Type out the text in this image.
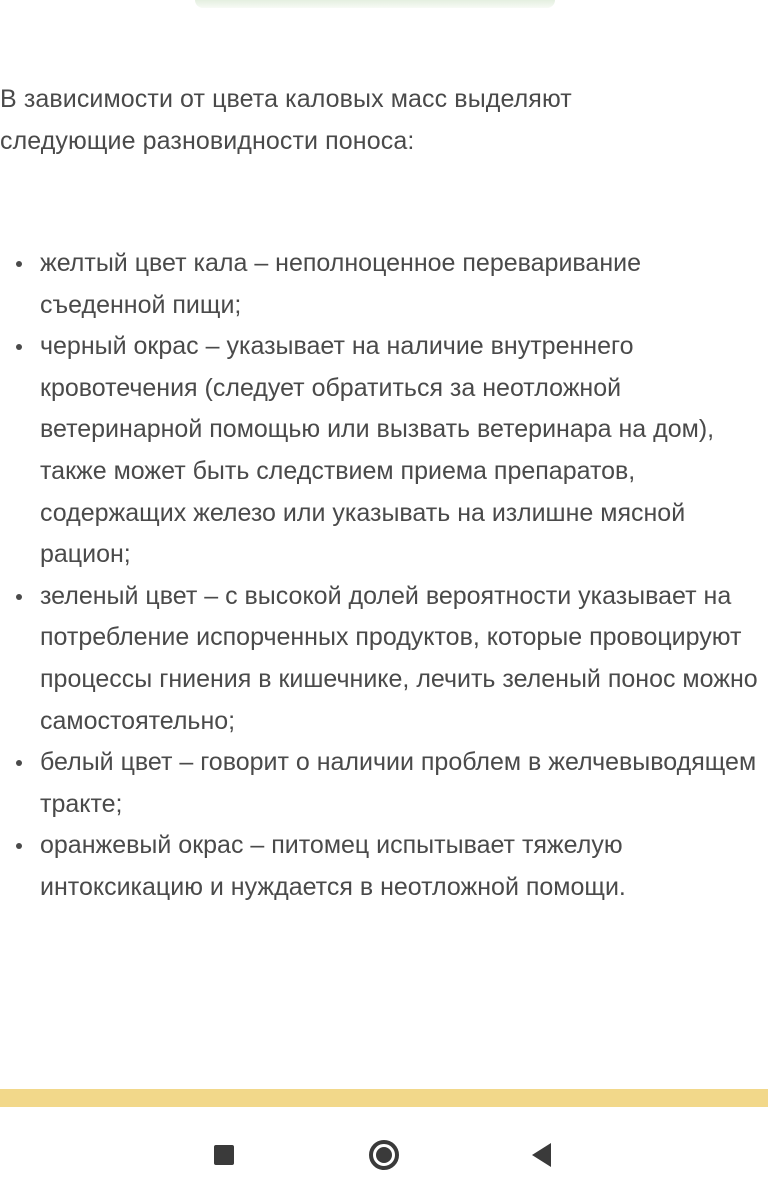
В зависимости от цвета каловых масс выделяют следующие разновидности поноса:

желтый цвет кала – неполноценное переваривание съеденной пищи;
черный окрас – указывает на наличие внутреннего кровотечения (следует обратиться за неотложной ветеринарной помощью или вызвать ветеринара на дом), также может быть следствием приема препаратов, содержащих железо или указывать на излишне мясной рацион;
зеленый цвет – с высокой долей вероятности указывает на потребление испорченных продуктов, которые провоцируют процессы гниения в кишечнике, лечить зеленый понос можно самостоятельно;
белый цвет – говорит о наличии проблем в желчевыводящем тракте;
оранжевый окрас – питомец испытывает тяжелую интоксикацию и нуждается в неотложной помощи.
